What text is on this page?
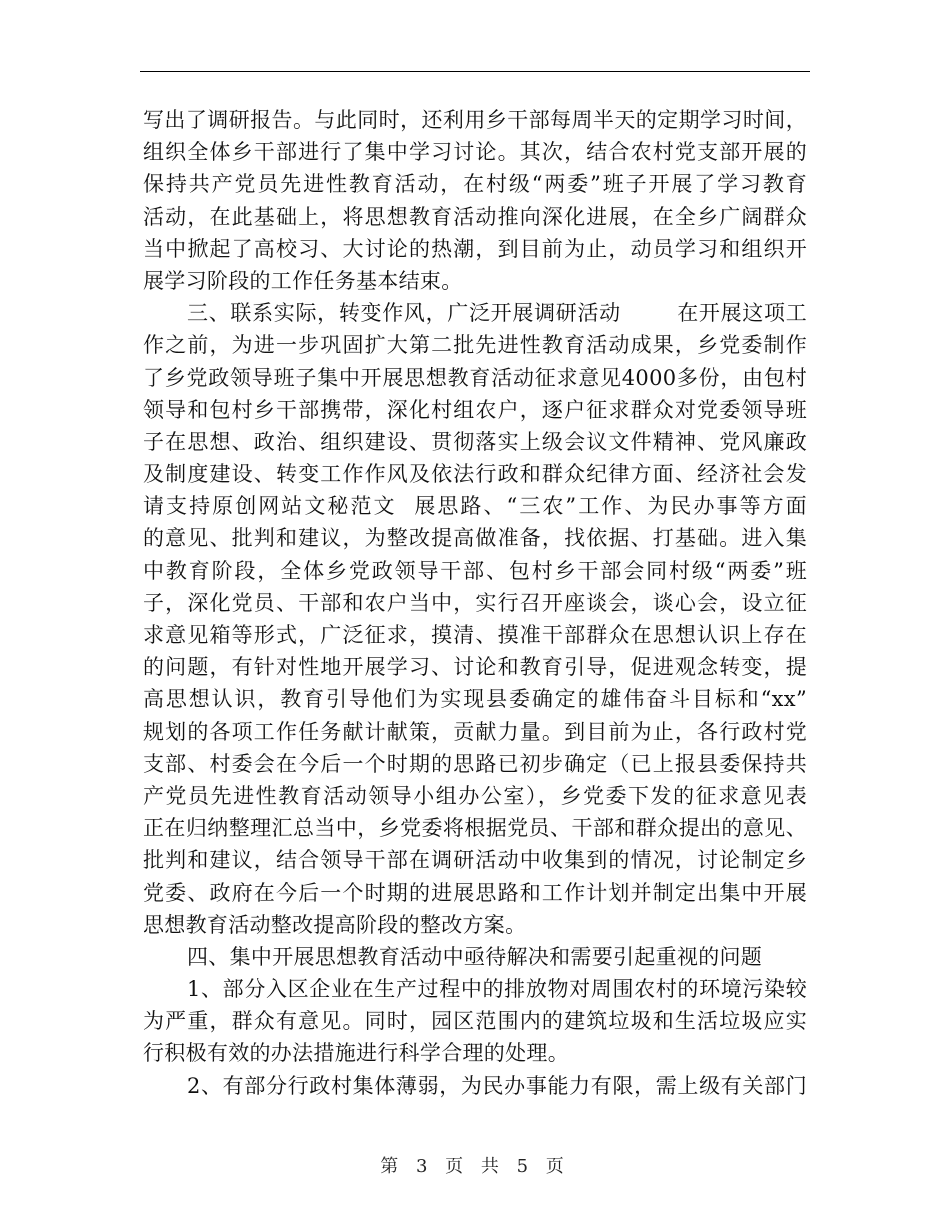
写出了调研报告。与此同时，还利用乡干部每周半天的定期学习时间，
组织全体乡干部进行了集中学习讨论。其次，结合农村党支部开展的
保持共产党员先进性教育活动，在村级“两委”班子开展了学习教育
活动，在此基础上，将思想教育活动推向深化进展，在全乡广阔群众
当中掀起了高校习、大讨论的热潮，到目前为止，动员学习和组织开
展学习阶段的工作任务基本结束。
三、联系实际，转变作风，广泛开展调研活动	在开展这项工
作之前，为进一步巩固扩大第二批先进性教育活动成果，乡党委制作
了乡党政领导班子集中开展思想教育活动征求意见4000多份，由包村
领导和包村乡干部携带，深化村组农户，逐户征求群众对党委领导班
子在思想、政治、组织建设、贯彻落实上级会议文件精神、党风廉政
及制度建设、转变工作作风及依法行政和群众纪律方面、经济社会发
请支持原创网站文秘范文 展思路、“三农”工作、为民办事等方面
的意见、批判和建议，为整改提高做准备，找依据、打基础。进入集
中教育阶段，全体乡党政领导干部、包村乡干部会同村级“两委”班
子，深化党员、干部和农户当中，实行召开座谈会，谈心会，设立征
求意见箱等形式，广泛征求，摸清、摸准干部群众在思想认识上存在
的问题，有针对性地开展学习、讨论和教育引导，促进观念转变，提
高思想认识，教育引导他们为实现县委确定的雄伟奋斗目标和“xx”
规划的各项工作任务献计献策，贡献力量。到目前为止，各行政村党
支部、村委会在今后一个时期的思路已初步确定（已上报县委保持共
产党员先进性教育活动领导小组办公室），乡党委下发的征求意见表
正在归纳整理汇总当中，乡党委将根据党员、干部和群众提出的意见、
批判和建议，结合领导干部在调研活动中收集到的情况，讨论制定乡
党委、政府在今后一个时期的进展思路和工作计划并制定出集中开展
思想教育活动整改提高阶段的整改方案。
四、集中开展思想教育活动中亟待解决和需要引起重视的问题
1、部分入区企业在生产过程中的排放物对周围农村的环境污染较
为严重，群众有意见。同时，园区范围内的建筑垃圾和生活垃圾应实
行积极有效的办法措施进行科学合理的处理。
2、有部分行政村集体薄弱，为民办事能力有限，需上级有关部门
第 3 页 共 5 页
